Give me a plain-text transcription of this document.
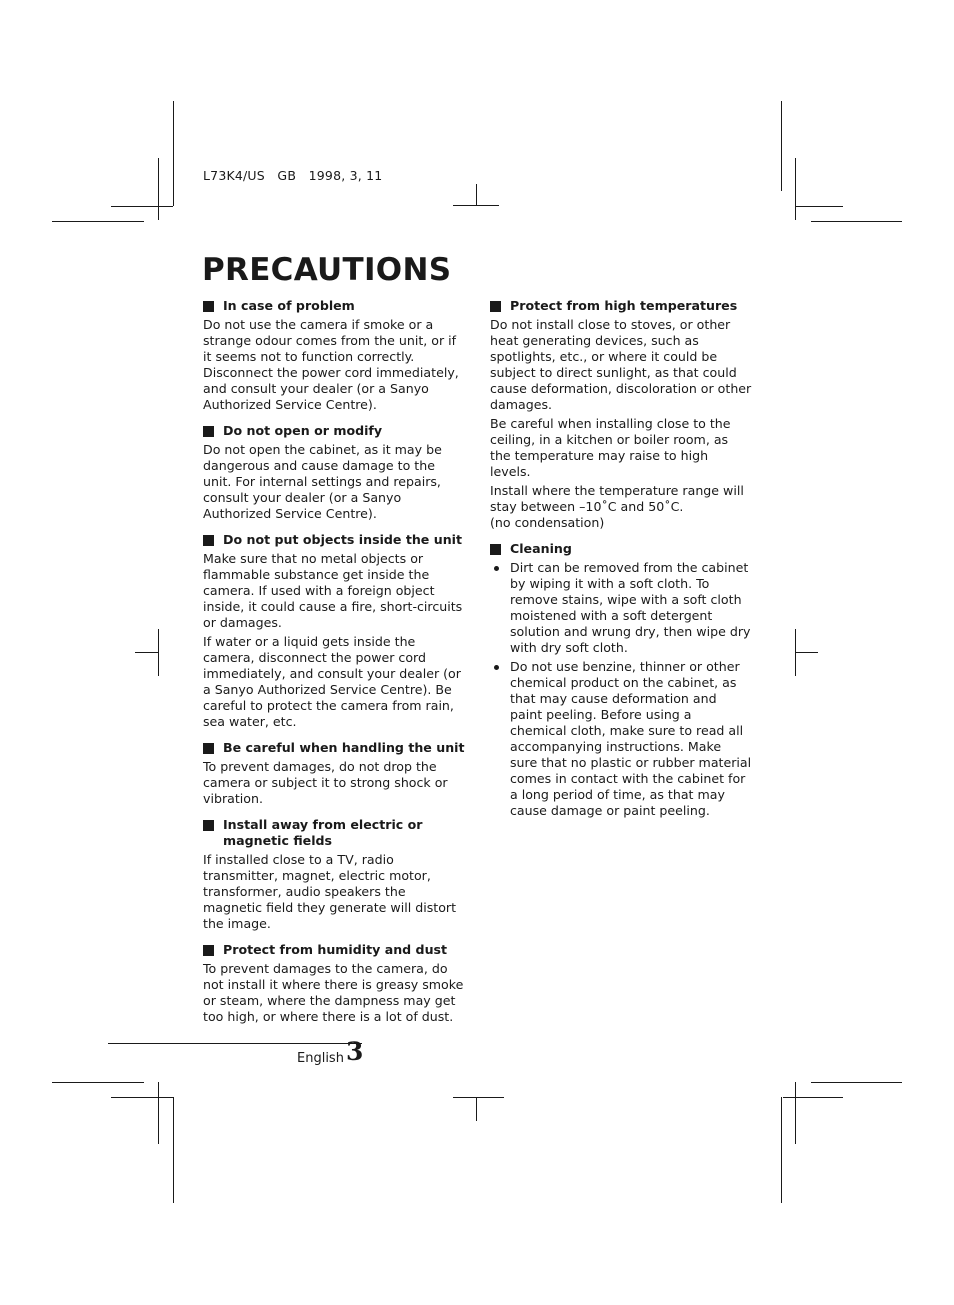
L73K4/US   GB   1998, 3, 11
PRECAUTIONS
In case of problem

Do not use the camera if smoke or a strange odour comes from the unit, or if it seems not to function correctly. Disconnect the power cord immediately, and consult your dealer (or a Sanyo Authorized Service Centre).

Do not open or modify

Do not open the cabinet, as it may be dangerous and cause damage to the unit. For internal settings and repairs, consult your dealer (or a Sanyo Authorized Service Centre).

Do not put objects inside the unit

Make sure that no metal objects or flammable substance get inside the camera. If used with a foreign object inside, it could cause a fire, short-circuits or damages.

If water or a liquid gets inside the camera, disconnect the power cord immediately, and consult your dealer (or a Sanyo Authorized Service Centre). Be careful to protect the camera from rain, sea water, etc.

Be careful when handling the unit

To prevent damages, do not drop the camera or subject it to strong shock or vibration.

Install away from electric or magnetic fields

If installed close to a TV, radio transmitter, magnet, electric motor, transformer, audio speakers the magnetic field they generate will distort the image.

Protect from humidity and dust

To prevent damages to the camera, do not install it where there is greasy smoke or steam, where the dampness may get too high, or where there is a lot of dust.

Protect from high temperatures

Do not install close to stoves, or other heat generating devices, such as spotlights, etc., or where it could be subject to direct sunlight, as that could cause deformation, discoloration or other damages.

Be careful when installing close to the ceiling, in a kitchen or boiler room, as the temperature may raise to high levels.

Install where the temperature range will stay between –10˚C and 50˚C.

(no condensation)

Cleaning
Dirt can be removed from the cabinet by wiping it with a soft cloth. To remove stains, wipe with a soft cloth moistened with a soft detergent solution and wrung dry, then wipe dry with dry soft cloth.
Do not use benzine, thinner or other chemical product on the cabinet, as that may cause deformation and paint peeling. Before using a chemical cloth, make sure to read all accompanying instructions. Make sure that no plastic or rubber material comes in contact with the cabinet for a long period of time, as that may cause damage or paint peeling.
English 3
